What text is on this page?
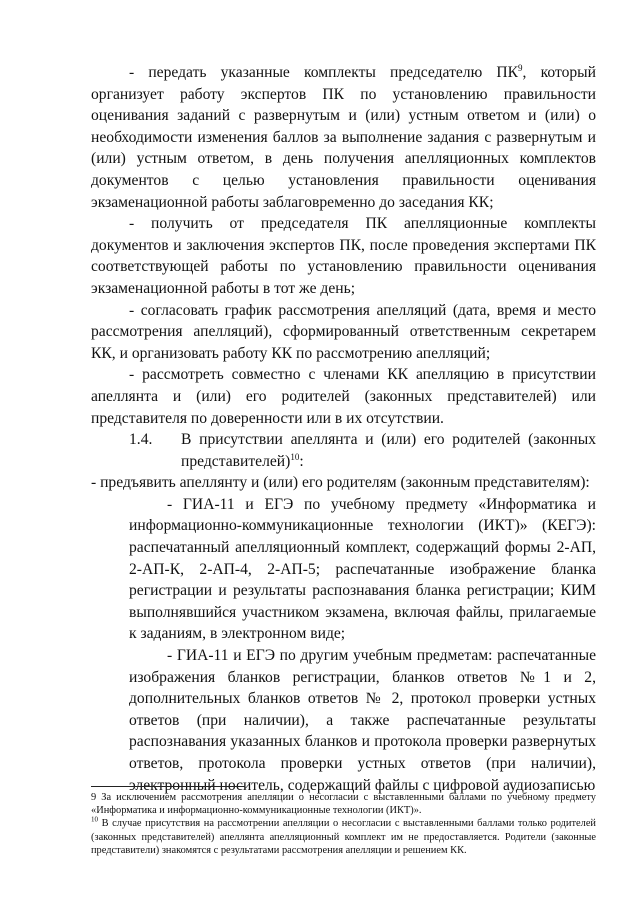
- передать указанные комплекты председателю $ПК^9$, который организует работу экспертов ПК по установлению правильности оценивания заданий с развернутым и (или) устным ответом и (или) о необходимости изменения баллов за выполнение задания с развернутым и (или) устным ответом, в день получения апелляционных комплектов документов с целью установления правильности оценивания экзаменационной работы заблаговременно до заседания КК;

- получить от председателя ПК апелляционные комплекты документов и заключения экспертов ПК, после проведения экспертами ПК соответствующей работы по установлению правильности оценивания экзаменационной работы в тот же день;

- согласовать график рассмотрения апелляций (дата, время и место рассмотрения апелляций), сформированный ответственным секретарем КК, и организовать работу КК по рассмотрению апелляций;

- рассмотреть совместно с членами КК апелляцию в присутствии апеллянта и (или) его родителей (законных представителей) или представителя по доверенности или в их отсутствии.

1.4. В присутствии апеллянта и (или) его родителей (законных представителей)$^{10}$:

- предъявить апеллянту и (или) его родителям (законным представителям):

- ГИА-11 и ЕГЭ по учебному предмету «Информатика и информационно-коммуникационные технологии (ИКТ)» (КЕГЭ): распечатанный апелляционный комплект, содержащий формы 2-АП, 2-АП-К, 2-АП-4, 2-АП-5; распечатанные изображение бланка регистрации и результаты распознавания бланка регистрации; КИМ выполнявшийся участником экзамена, включая файлы, прилагаемые к заданиям, в электронном виде;

- ГИА-11 и ЕГЭ по другим учебным предметам: распечатанные изображения бланков регистрации, бланков ответов №1 и 2, дополнительных бланков ответов № 2, протокол проверки устных ответов (при наличии), а также распечатанные результаты распознавания указанных бланков и протокола проверки развернутых ответов, протокола проверки устных ответов (при наличии), электронный носитель, содержащий файлы с цифровой аудиозаписью

9 За исключением рассмотрения апелляции о несогласии с выставленными баллами по учебному предмету «Информатика и информационно-коммуникационные технологии (ИКТ)».

$^{10}$ В случае присутствия на рассмотрении апелляции о несогласии с выставленными баллами только родителей (законных представителей) апеллянта апелляционный комплект им не предоставляется. Родители (законные представители) знакомятся с результатами рассмотрения апелляции и решением КК.
